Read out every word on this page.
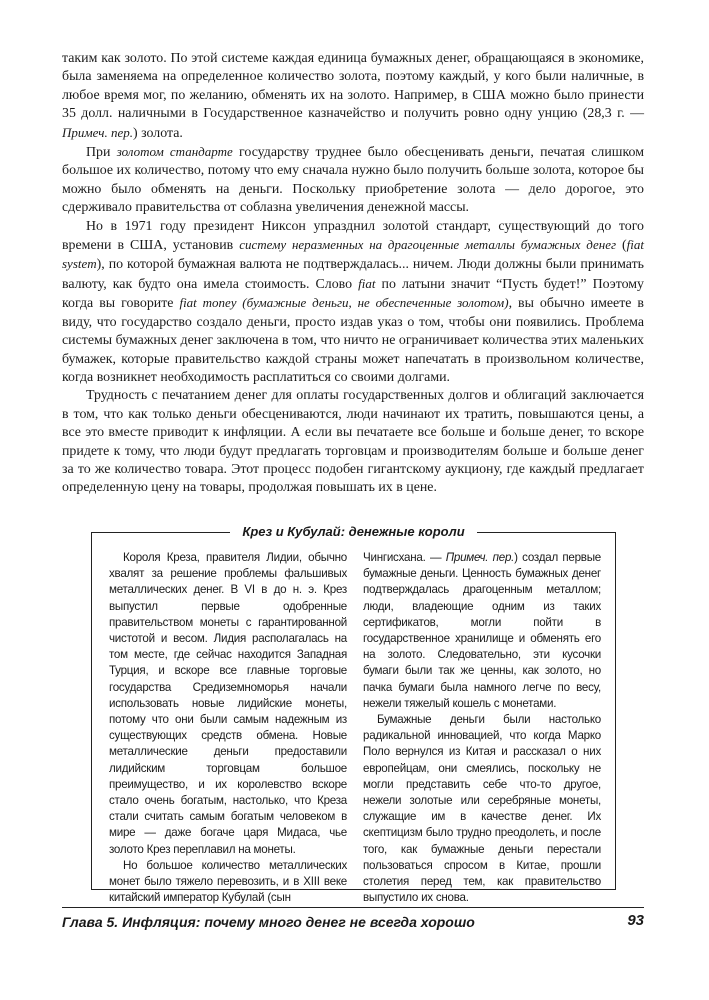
таким как золото. По этой системе каждая единица бумажных денег, обращающаяся в экономике, была заменяема на определенное количество золота, поэтому каждый, у кого были наличные, в любое время мог, по желанию, обменять их на золото. Например, в США можно было принести 35 долл. наличными в Государственное казначейство и получить ровно одну унцию (28,3 г. — Примеч. пер.) золота.

При золотом стандарте государству труднее было обесценивать деньги, печатая слишком большое их количество, потому что ему сначала нужно было получить больше золота, которое бы можно было обменять на деньги. Поскольку приобретение золота — дело дорогое, это сдерживало правительства от соблазна увеличения денежной массы.

Но в 1971 году президент Никсон упразднил золотой стандарт, существующий до того времени в США, установив систему неразменных на драгоценные металлы бумажных денег (fiat system), по которой бумажная валюта не подтверждалась... ничем. Люди должны были принимать валюту, как будто она имела стоимость. Слово fiat по латыни значит “Пусть будет!” Поэтому когда вы говорите fiat money (бумажные деньги, не обеспеченные золотом), вы обычно имеете в виду, что государство создало деньги, просто издав указ о том, чтобы они появились. Проблема системы бумажных денег заключена в том, что ничто не ограничивает количества этих маленьких бумажек, которые правительство каждой страны может напечатать в произвольном количестве, когда возникнет необходимость расплатиться со своими долгами.

Трудность с печатанием денег для оплаты государственных долгов и облигаций заключается в том, что как только деньги обесцениваются, люди начинают их тратить, повышаются цены, а все это вместе приводит к инфляции. А если вы печатаете все больше и больше денег, то вскоре придете к тому, что люди будут предлагать торговцам и производителям больше и больше денег за то же количество товара. Этот процесс подобен гигантскому аукциону, где каждый предлагает определенную цену на товары, продолжая повышать их в цене.

Крез и Кубулай: денежные короли

Короля Креза, правителя Лидии, обычно хвалят за решение проблемы фальшивых металлических денег. В VI в до н. э. Крез выпустил первые одобренные правительством монеты с гарантированной чистотой и весом. Лидия располагалась на том месте, где сейчас находится Западная Турция, и вскоре все главные торговые государства Средиземноморья начали использовать новые лидийские монеты, потому что они были самым надежным из существующих средств обмена. Новые металлические деньги предоставили лидийским торговцам большое преимущество, и их королевство вскоре стало очень богатым, настолько, что Креза стали считать самым богатым человеком в мире — даже богаче царя Мидаса, чье золото Крез переплавил на монеты.

Но большое количество металлических монет было тяжело перевозить, и в XIII веке китайский император Кубулай (сын

Чингисхана. — Примеч. пер.) создал первые бумажные деньги. Ценность бумажных денег подтверждалась драгоценным металлом; люди, владеющие одним из таких сертификатов, могли пойти в государственное хранилище и обменять его на золото. Следовательно, эти кусочки бумаги были так же ценны, как золото, но пачка бумаги была намного легче по весу, нежели тяжелый кошель с монетами.

Бумажные деньги были настолько радикальной инновацией, что когда Марко Поло вернулся из Китая и рассказал о них европейцам, они смеялись, поскольку не могли представить себе что-то другое, нежели золотые или серебряные монеты, служащие им в качестве денег. Их скептицизм было трудно преодолеть, и после того, как бумажные деньги перестали пользоваться спросом в Китае, прошли столетия перед тем, как правительство выпустило их снова.

Глава 5. Инфляция: почему много денег не всегда хорошо	93
